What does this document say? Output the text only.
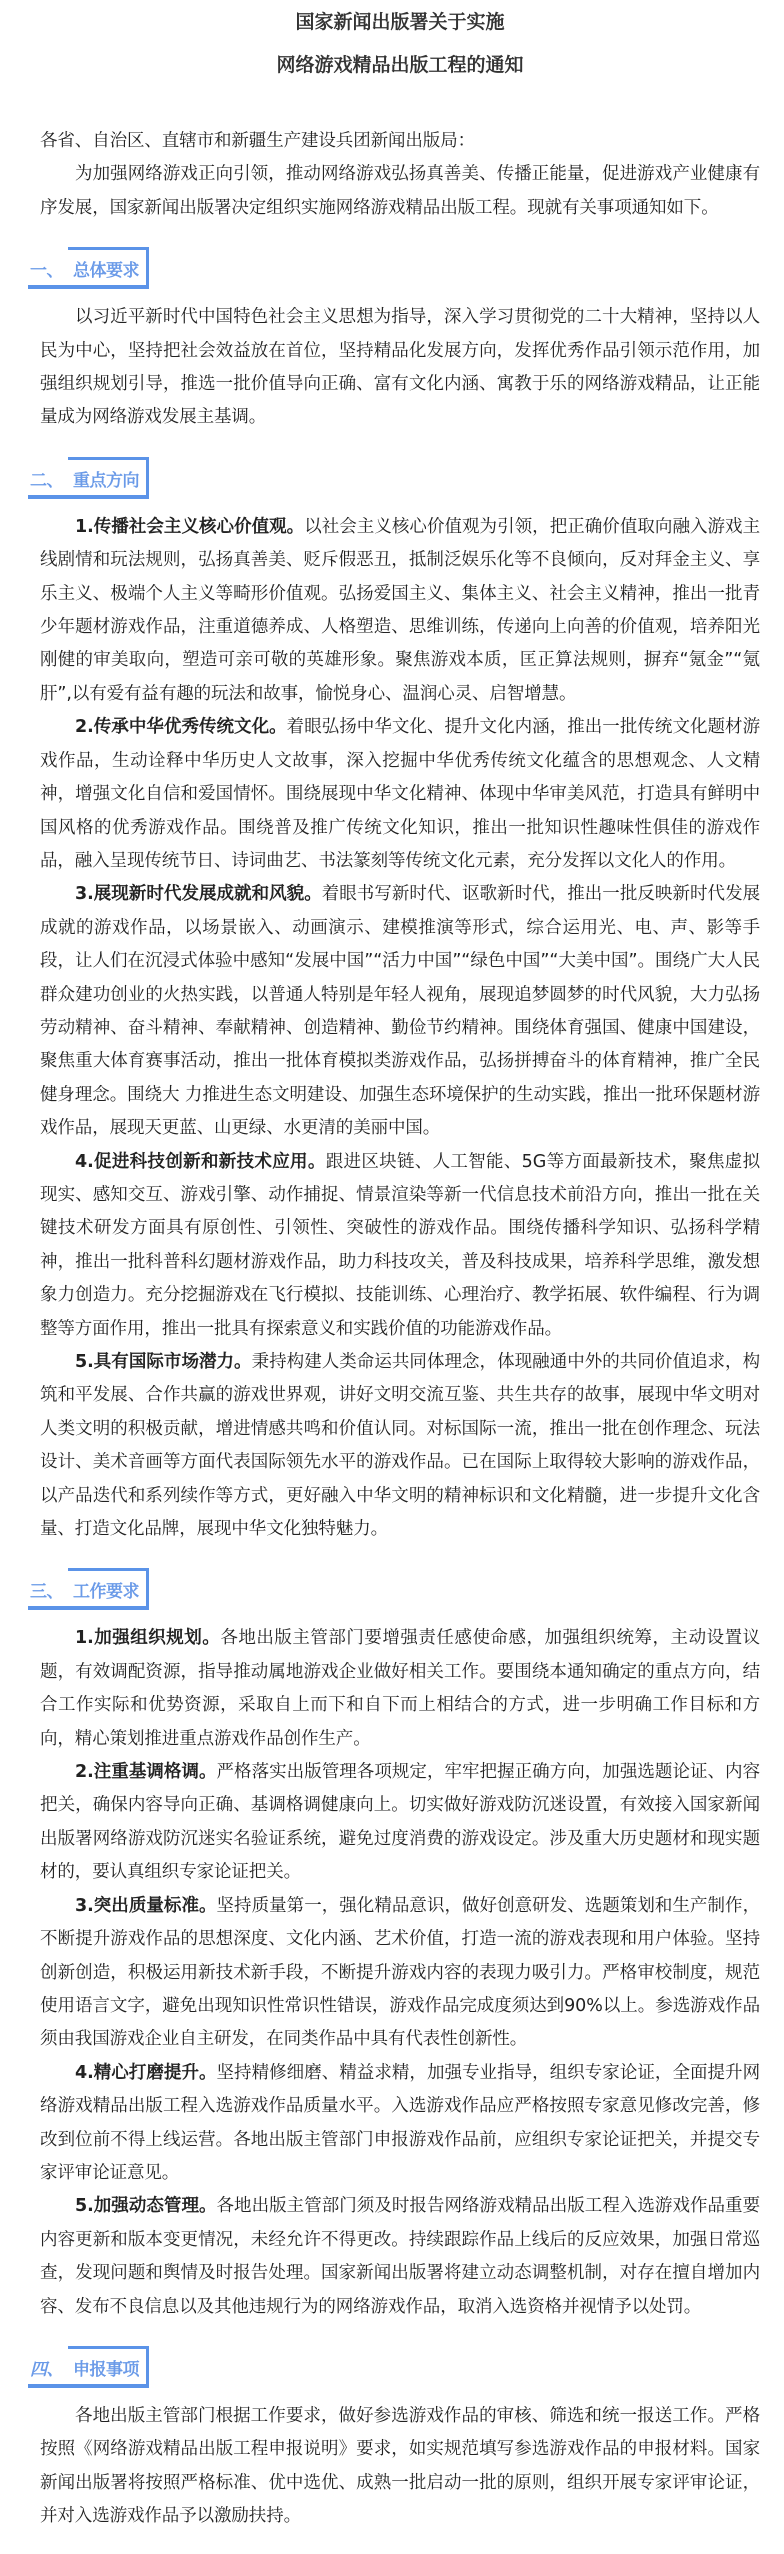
国家新闻出版署关于实施
网络游戏精品出版工程的通知

各省、自治区、直辖市和新疆生产建设兵团新闻出版局：

为加强网络游戏正向引领，推动网络游戏弘扬真善美、传播正能量，促进游戏产业健康有序发展，国家新闻出版署决定组织实施网络游戏精品出版工程。现就有关事项通知如下。

一、 总体要求

以习近平新时代中国特色社会主义思想为指导，深入学习贯彻党的二十大精神，坚持以人民为中心，坚持把社会效益放在首位，坚持精品化发展方向，发挥优秀作品引领示范作用，加强组织规划引导，推选一批价值导向正确、富有文化内涵、寓教于乐的网络游戏精品，让正能量成为网络游戏发展主基调。

二、 重点方向

1.传播社会主义核心价值观。以社会主义核心价值观为引领，把正确价值取向融入游戏主线剧情和玩法规则，弘扬真善美、贬斥假恶丑，抵制泛娱乐化等不良倾向，反对拜金主义、享乐主义、极端个人主义等畸形价值观。弘扬爱国主义、集体主义、社会主义精神，推出一批青少年题材游戏作品，注重道德养成、人格塑造、思维训练，传递向上向善的价值观，培养阳光刚健的审美取向，塑造可亲可敬的英雄形象。聚焦游戏本质，匡正算法规则，摒弃“氪金”“氪肝”,以有爱有益有趣的玩法和故事，愉悦身心、温润心灵、启智增慧。

2.传承中华优秀传统文化。着眼弘扬中华文化、提升文化内涵，推出一批传统文化题材游戏作品，生动诠释中华历史人文故事，深入挖掘中华优秀传统文化蕴含的思想观念、人文精神，增强文化自信和爱国情怀。围绕展现中华文化精神、体现中华审美风范，打造具有鲜明中国风格的优秀游戏作品。围绕普及推广传统文化知识，推出一批知识性趣味性俱佳的游戏作品，融入呈现传统节日、诗词曲艺、书法篆刻等传统文化元素，充分发挥以文化人的作用。

3.展现新时代发展成就和风貌。着眼书写新时代、讴歌新时代，推出一批反映新时代发展成就的游戏作品，以场景嵌入、动画演示、建模推演等形式，综合运用光、电、声、影等手段，让人们在沉浸式体验中感知“发展中国”“活力中国”“绿色中国”“大美中国”。围绕广大人民群众建功创业的火热实践，以普通人特别是年轻人视角，展现追梦圆梦的时代风貌，大力弘扬劳动精神、奋斗精神、奉献精神、创造精神、勤俭节约精神。围绕体育强国、健康中国建设，聚焦重大体育赛事活动，推出一批体育模拟类游戏作品，弘扬拼搏奋斗的体育精神，推广全民健身理念。围绕大 力推进生态文明建设、加强生态环境保护的生动实践，推出一批环保题材游戏作品，展现天更蓝、山更绿、水更清的美丽中国。

4.促进科技创新和新技术应用。跟进区块链、人工智能、5G等方面最新技术，聚焦虚拟现实、感知交互、游戏引擎、动作捕捉、情景渲染等新一代信息技术前沿方向，推出一批在关键技术研发方面具有原创性、引领性、突破性的游戏作品。围绕传播科学知识、弘扬科学精神，推出一批科普科幻题材游戏作品，助力科技攻关，普及科技成果，培养科学思维，激发想象力创造力。充分挖掘游戏在飞行模拟、技能训练、心理治疗、教学拓展、软件编程、行为调整等方面作用，推出一批具有探索意义和实践价值的功能游戏作品。

5.具有国际市场潜力。秉持构建人类命运共同体理念，体现融通中外的共同价值追求，构筑和平发展、合作共赢的游戏世界观，讲好文明交流互鉴、共生共存的故事，展现中华文明对人类文明的积极贡献，增进情感共鸣和价值认同。对标国际一流，推出一批在创作理念、玩法设计、美术音画等方面代表国际领先水平的游戏作品。已在国际上取得较大影响的游戏作品，以产品迭代和系列续作等方式，更好融入中华文明的精神标识和文化精髓，进一步提升文化含量、打造文化品牌，展现中华文化独特魅力。

三、 工作要求

1.加强组织规划。各地出版主管部门要增强责任感使命感，加强组织统筹，主动设置议题，有效调配资源，指导推动属地游戏企业做好相关工作。要围绕本通知确定的重点方向，结合工作实际和优势资源，采取自上而下和自下而上相结合的方式，进一步明确工作目标和方向，精心策划推进重点游戏作品创作生产。

2.注重基调格调。严格落实出版管理各项规定，牢牢把握正确方向，加强选题论证、内容把关，确保内容导向正确、基调格调健康向上。切实做好游戏防沉迷设置，有效接入国家新闻出版署网络游戏防沉迷实名验证系统，避免过度消费的游戏设定。涉及重大历史题材和现实题材的，要认真组织专家论证把关。

3.突出质量标准。坚持质量第一，强化精品意识，做好创意研发、选题策划和生产制作，不断提升游戏作品的思想深度、文化内涵、艺术价值，打造一流的游戏表现和用户体验。坚持创新创造，积极运用新技术新手段，不断提升游戏内容的表现力吸引力。严格审校制度，规范使用语言文字，避免出现知识性常识性错误，游戏作品完成度须达到90%以上。参选游戏作品须由我国游戏企业自主研发，在同类作品中具有代表性创新性。

4.精心打磨提升。坚持精修细磨、精益求精，加强专业指导，组织专家论证，全面提升网络游戏精品出版工程入选游戏作品质量水平。入选游戏作品应严格按照专家意见修改完善，修改到位前不得上线运营。各地出版主管部门申报游戏作品前，应组织专家论证把关，并提交专家评审论证意见。

5.加强动态管理。各地出版主管部门须及时报告网络游戏精品出版工程入选游戏作品重要内容更新和版本变更情况，未经允许不得更改。持续跟踪作品上线后的反应效果，加强日常巡查，发现问题和舆情及时报告处理。国家新闻出版署将建立动态调整机制，对存在擅自增加内容、发布不良信息以及其他违规行为的网络游戏作品，取消入选资格并视情予以处罚。

四、 申报事项

各地出版主管部门根据工作要求，做好参选游戏作品的审核、筛选和统一报送工作。严格按照《网络游戏精品出版工程申报说明》要求，如实规范填写参选游戏作品的申报材料。国家新闻出版署将按照严格标准、优中选优、成熟一批启动一批的原则，组织开展专家评审论证，并对入选游戏作品予以激励扶持。
